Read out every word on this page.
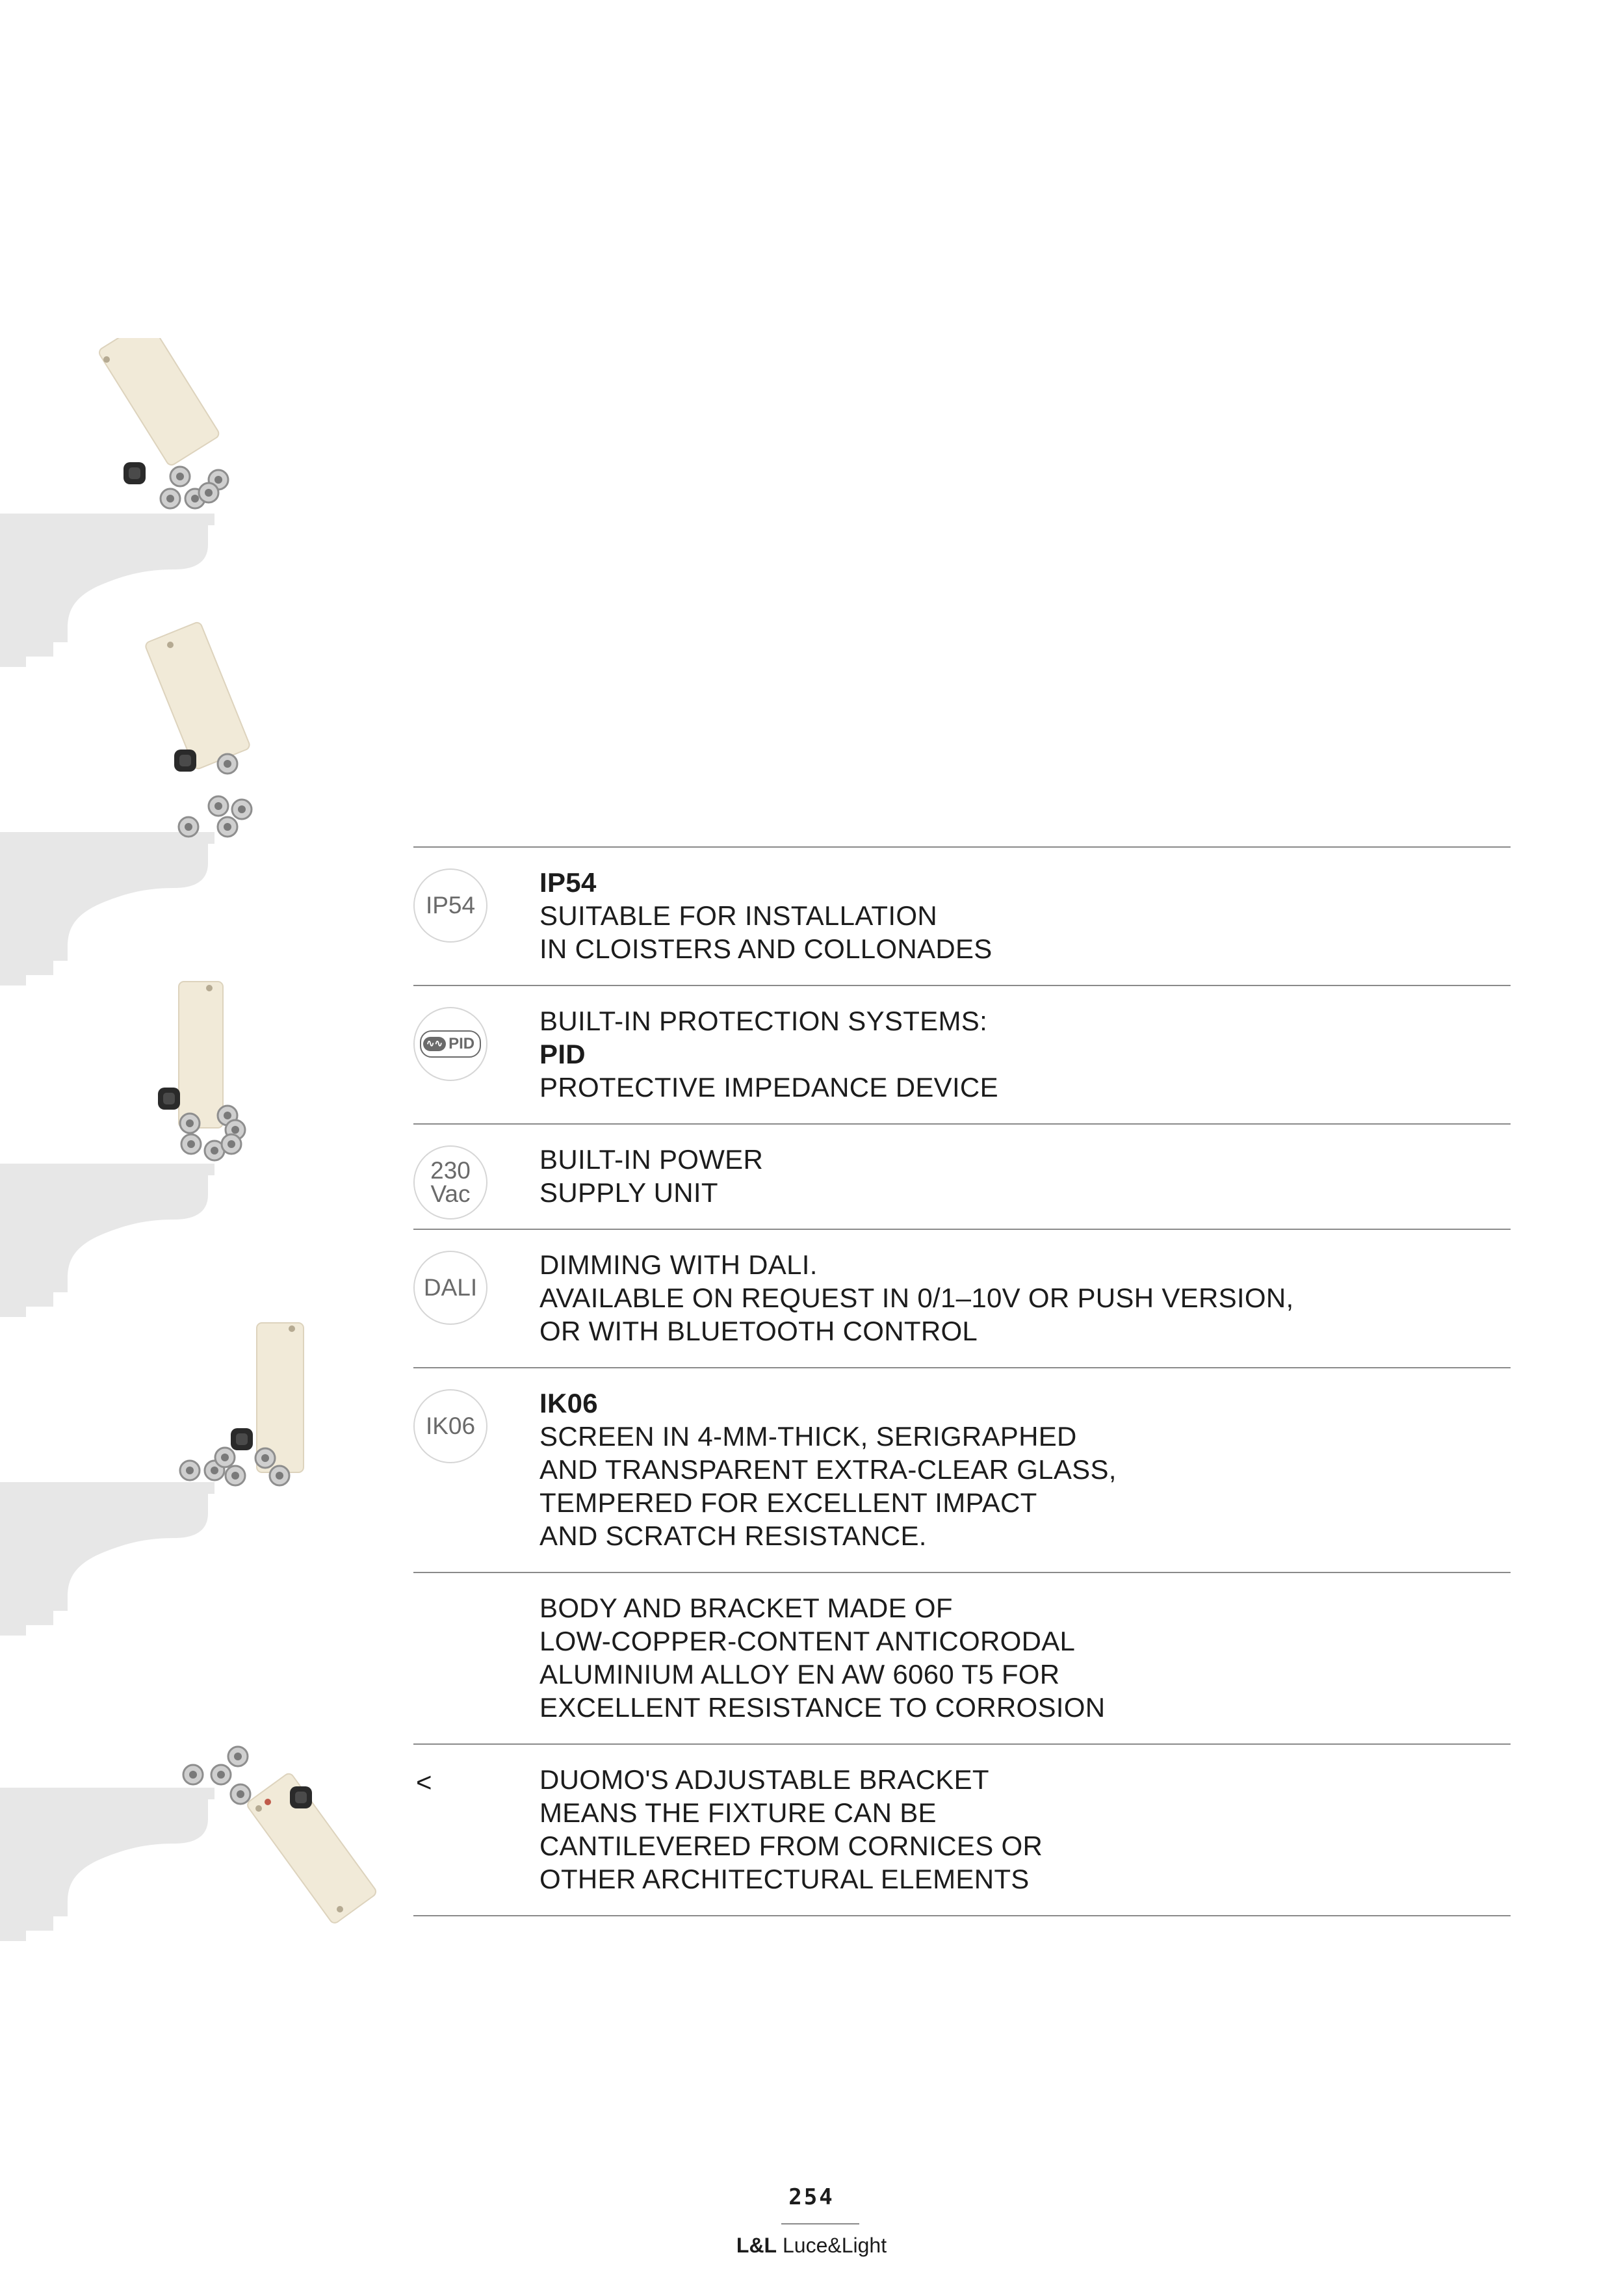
IP54
IP54
SUITABLE FOR INSTALLATION
IN CLOISTERS AND COLLONADES
∿∿ PID
BUILT-IN PROTECTION SYSTEMS:
PID
PROTECTIVE IMPEDANCE DEVICE
230
Vac
BUILT-IN POWER
SUPPLY UNIT
DALI
DIMMING WITH DALI.
AVAILABLE ON REQUEST IN 0/1–10V OR PUSH VERSION,
OR WITH BLUETOOTH CONTROL
IK06
IK06
SCREEN IN 4-MM-THICK, SERIGRAPHED
AND TRANSPARENT EXTRA-CLEAR GLASS,
TEMPERED FOR EXCELLENT IMPACT
AND SCRATCH RESISTANCE.
BODY AND BRACKET MADE OF
LOW-COPPER-CONTENT ANTICORODAL
ALUMINIUM ALLOY EN AW 6060 T5 FOR
EXCELLENT RESISTANCE TO CORROSION
<	DUOMO'S ADJUSTABLE BRACKET
MEANS THE FIXTURE CAN BE
CANTILEVERED FROM CORNICES OR
OTHER ARCHITECTURAL ELEMENTS
254
L&L Luce&Light
